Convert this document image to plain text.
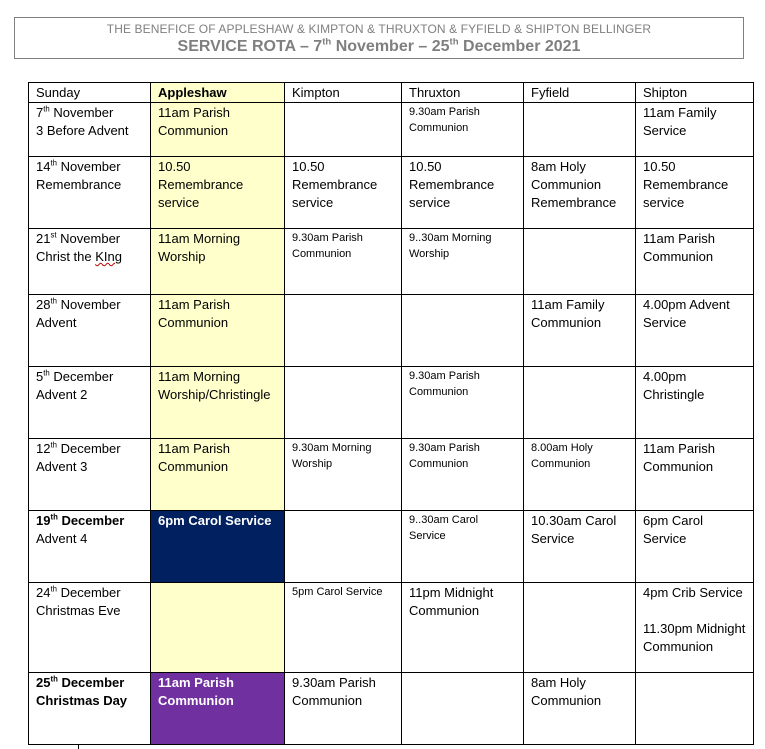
THE BENEFICE OF APPLESHAW & KIMPTON & THRUXTON & FYFIELD & SHIPTON BELLINGER
SERVICE ROTA – 7th November – 25th December 2021
Sunday	Appleshaw	Kimpton	Thruxton	Fyfield	Shipton
7th November
3 Before Advent	11am Parish Communion		9.30am Parish Communion		11am Family Service
14th November
Remembrance	10.50 Remembrance service	10.50 Remembrance service	10.50 Remembrance service	8am Holy Communion Remembrance	10.50 Remembrance service
21st November
Christ the KIng	11am Morning Worship	9.30am Parish Communion	9..30am Morning Worship		11am Parish Communion
28th November
Advent	11am Parish Communion			11am Family Communion	4.00pm Advent Service
5th December
Advent 2	11am Morning Worship/Christingle		9.30am Parish Communion		4.00pm Christingle
12th December
Advent 3	11am Parish Communion	9.30am Morning Worship	9.30am Parish Communion	8.00am Holy Communion	11am Parish Communion
19th December
Advent 4	6pm Carol Service		9..30am Carol Service	10.30am Carol Service	6pm Carol Service
24th December
Christmas Eve		5pm Carol Service	11pm Midnight Communion		4pm Crib Service
11.30pm Midnight Communion
25th December
Christmas Day	11am Parish Communion	9.30am Parish Communion		8am Holy Communion	
